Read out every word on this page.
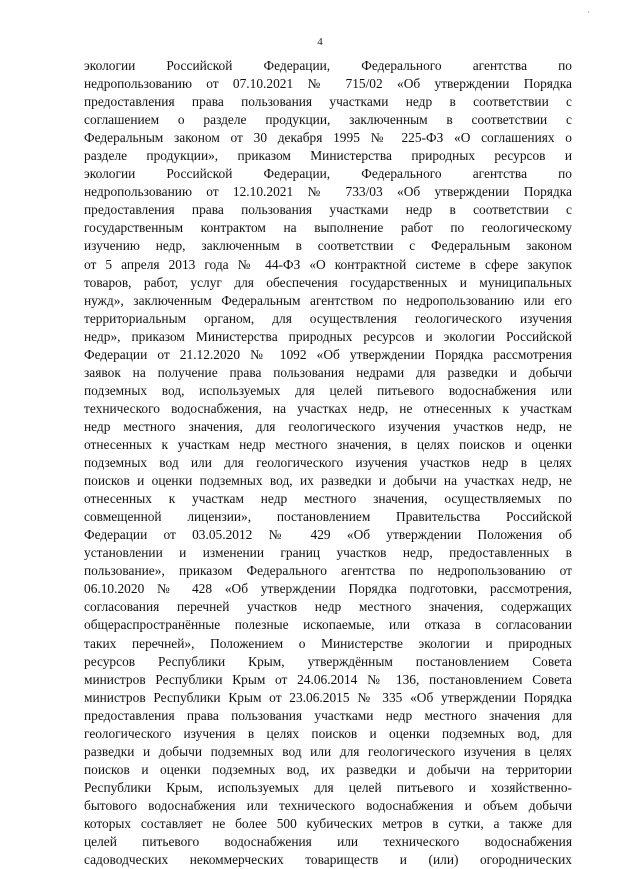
·
4
экологии Российской Федерации, Федерального агентства по
недропользованию от 07.10.2021 № 715/02 «Об утверждении Порядка
предоставления права пользования участками недр в соответствии с
соглашением о разделе продукции, заключенным в соответствии с
Федеральным законом от 30 декабря 1995 № 225-ФЗ «О соглашениях о
разделе продукции», приказом Министерства природных ресурсов и
экологии Российской Федерации, Федерального агентства по
недропользованию от 12.10.2021 № 733/03 «Об утверждении Порядка
предоставления права пользования участками недр в соответствии с
государственным контрактом на выполнение работ по геологическому
изучению недр, заключенным в соответствии с Федеральным законом
от 5 апреля 2013 года № 44-ФЗ «О контрактной системе в сфере закупок
товаров, работ, услуг для обеспечения государственных и муниципальных
нужд», заключенным Федеральным агентством по недропользованию или его
территориальным органом, для осуществления геологического изучения
недр», приказом Министерства природных ресурсов и экологии Российской
Федерации от 21.12.2020 № 1092 «Об утверждении Порядка рассмотрения
заявок на получение права пользования недрами для разведки и добычи
подземных вод, используемых для целей питьевого водоснабжения или
технического водоснабжения, на участках недр, не отнесенных к участкам
недр местного значения, для геологического изучения участков недр, не
отнесенных к участкам недр местного значения, в целях поисков и оценки
подземных вод или для геологического изучения участков недр в целях
поисков и оценки подземных вод, их разведки и добычи на участках недр, не
отнесенных к участкам недр местного значения, осуществляемых по
совмещенной лицензии», постановлением Правительства Российской
Федерации от 03.05.2012 № 429 «Об утверждении Положения об
установлении и изменении границ участков недр, предоставленных в
пользование», приказом Федерального агентства по недропользованию от
06.10.2020 № 428 «Об утверждении Порядка подготовки, рассмотрения,
согласования перечней участков недр местного значения, содержащих
общераспространённые полезные ископаемые, или отказа в согласовании
таких перечней», Положением о Министерстве экологии и природных
ресурсов Республики Крым, утверждённым постановлением Совета
министров Республики Крым от 24.06.2014 № 136, постановлением Совета
министров Республики Крым от 23.06.2015 № 335 «Об утверждении Порядка
предоставления права пользования участками недр местного значения для
геологического изучения в целях поисков и оценки подземных вод, для
разведки и добычи подземных вод или для геологического изучения в целях
поисков и оценки подземных вод, их разведки и добычи на территории
Республики Крым, используемых для целей питьевого и хозяйственно-
бытового водоснабжения или технического водоснабжения и объем добычи
которых составляет не более 500 кубических метров в сутки, а также для
целей питьевого водоснабжения или технического водоснабжения
садоводческих некоммерческих товариществ и (или) огороднических
